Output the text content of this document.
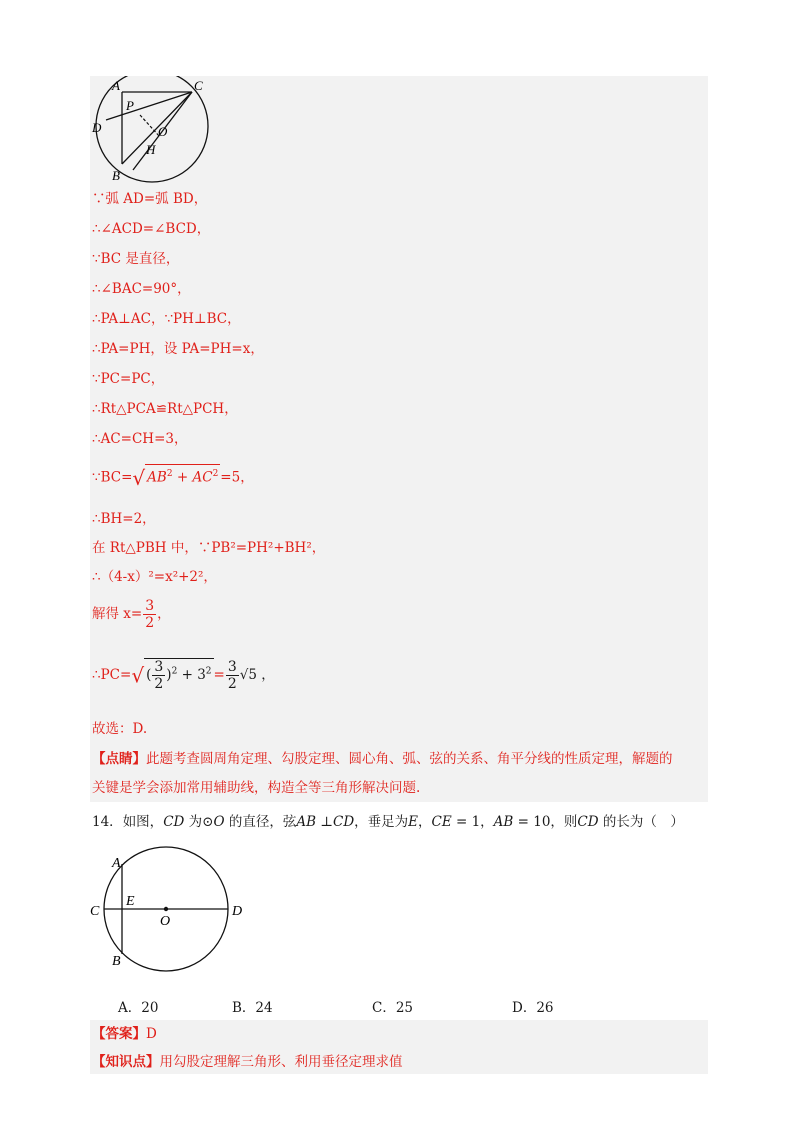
A	C
P
D	O
H
B
∵弧 AD=弧 BD，
∴∠ACD=∠BCD，
∵BC 是直径，
∴∠BAC=90°，
∴PA⊥AC，∵PH⊥BC，
∴PA=PH，设 PA=PH=x，
∵PC=PC，
∴Rt△PCA≌Rt△PCH，
∴AC=CH=3，
∵BC=√ $AB^2 + AC^2 =5$，
∴BH=2，
在 Rt△PBH 中，∵PB²=PH²+BH²，
∴（4-x）²=x²+2²，
解得 $x= \frac{3}{2}$ ，
∴PC=√ ( $\frac{3}{2} )^2 + 3^2 = \frac{3}{2} √5$ ，
故选：D.
【点睛】此题考查圆周角定理、勾股定理、圆心角、弧、弦的关系、角平分线的性质定理，解题的
关键是学会添加常用辅助线，构造全等三角形解决问题.
14．如图，CD 为⊙O 的直径，弦AB ⊥CD，垂足为E，CE = 1，AB = 10，则CD 的长为（　）
A
C
E
O
D
B
A．20	B．24	C．25	D．26
【答案】D
【知识点】用勾股定理解三角形、利用垂径定理求值
